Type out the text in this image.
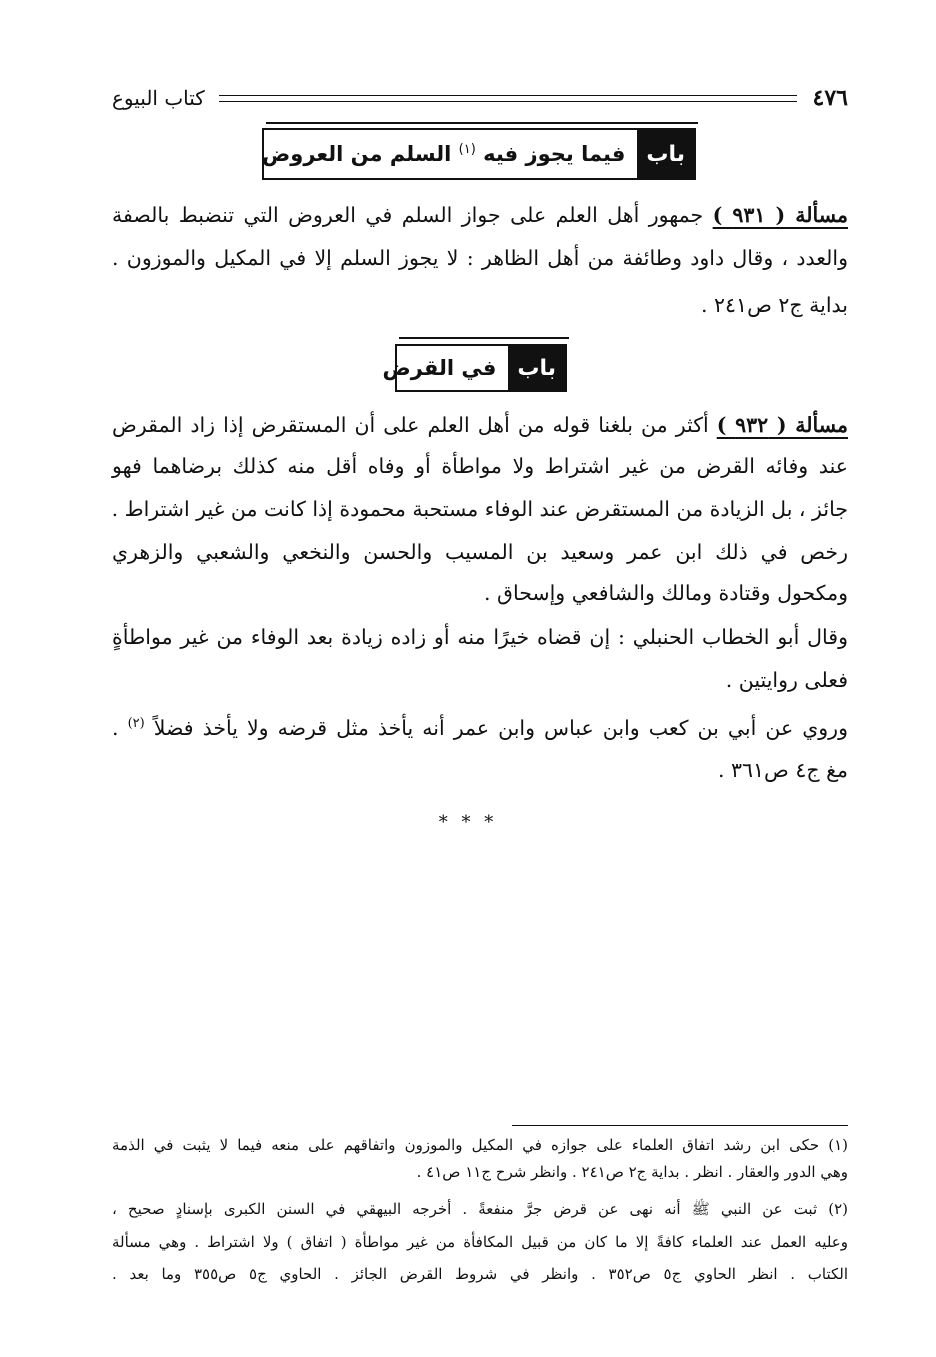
٤٧٦
كتاب البيوع
باب
فيما يجوز فيه $^{(١)}$ السلم من العروض
مسألة ( ٩٣١ ) جمهور أهل العلم على جواز السلم في العروض التي تنضبط بالصفة
والعدد ، وقال داود وطائفة من أهل الظاهر : لا يجوز السلم إلا في المكيل والموزون .
بداية ج٢ ص٢٤١ .
باب
في القرض
مسألة ( ٩٣٢ ) أكثر من بلغنا قوله من أهل العلم على أن المستقرض إذا زاد المقرض
عند وفائه القرض من غير اشتراط ولا مواطأة أو وفاه أقل منه كذلك برضاهما فهو
جائز ، بل الزيادة من المستقرض عند الوفاء مستحبة محمودة إذا كانت من غير اشتراط .
رخص في ذلك ابن عمر وسعيد بن المسيب والحسن والنخعي والشعبي والزهري
ومكحول وقتادة ومالك والشافعي وإسحاق .
وقال أبو الخطاب الحنبلي : إن قضاه خيرًا منه أو زاده زيادة بعد الوفاء من غير مواطأةٍ
فعلى روايتين .
وروي عن أبي بن كعب وابن عباس وابن عمر أنه يأخذ مثل قرضه ولا يأخذ فضلاً $^{(٢)}$ .
مغ ج٤ ص٣٦١ .
* * *
(١) حكى ابن رشد اتفاق العلماء على جوازه في المكيل والموزون واتفاقهم على منعه فيما لا يثبت في الذمة
وهي الدور والعقار . انظر . بداية ج٢ ص٢٤١ . وانظر شرح ج١١ ص٤١ .
(٢) ثبت عن النبي ﷺ أنه نهى عن قرض جرَّ منفعةً . أخرجه البيهقي في السنن الكبرى بإسنادٍ صحيح ،
وعليه العمل عند العلماء كافةً إلا ما كان من قبيل المكافأة من غير مواطأة ( اتفاق ) ولا اشتراط . وهي مسألة
الكتاب . انظر الحاوي ج٥ ص٣٥٢ . وانظر في شروط القرض الجائز . الحاوي ج٥ ص٣٥٥ وما بعد .
